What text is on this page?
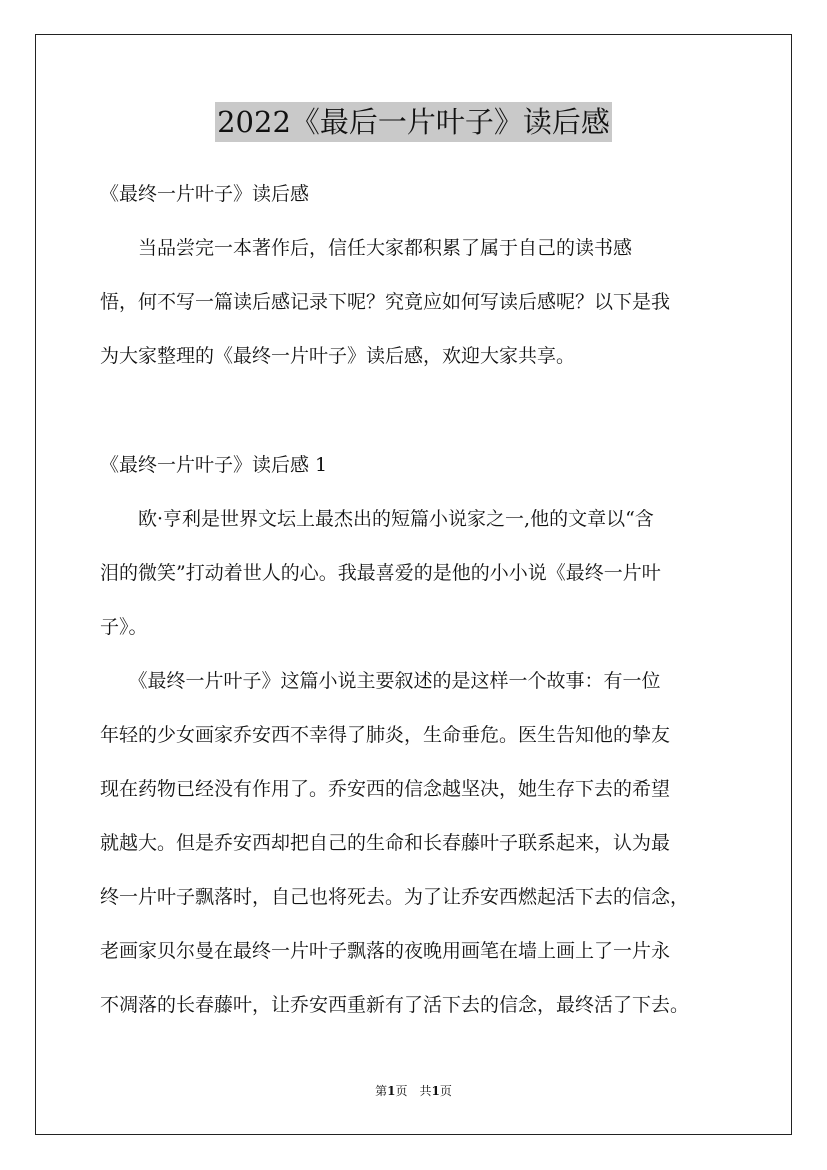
2022《最后一片叶子》读后感
《最终一片叶子》读后感
　　当品尝完一本著作后，信任大家都积累了属于自己的读书感
悟，何不写一篇读后感记录下呢？究竟应如何写读后感呢？以下是我
为大家整理的《最终一片叶子》读后感，欢迎大家共享。
《最终一片叶子》读后感 1
　　欧·亨利是世界文坛上最杰出的短篇小说家之一,他的文章以“含
泪的微笑”打动着世人的心。我最喜爱的是他的小小说《最终一片叶
子》。
　　《最终一片叶子》这篇小说主要叙述的是这样一个故事：有一位
年轻的少女画家乔安西不幸得了肺炎，生命垂危。医生告知他的挚友
现在药物已经没有作用了。乔安西的信念越坚决，她生存下去的希望
就越大。但是乔安西却把自己的生命和长春藤叶子联系起来，认为最
终一片叶子飘落时，自己也将死去。为了让乔安西燃起活下去的信念，
老画家贝尔曼在最终一片叶子飘落的夜晚用画笔在墙上画上了一片永
不凋落的长春藤叶，让乔安西重新有了活下去的信念，最终活了下去。
第1页　共1页
